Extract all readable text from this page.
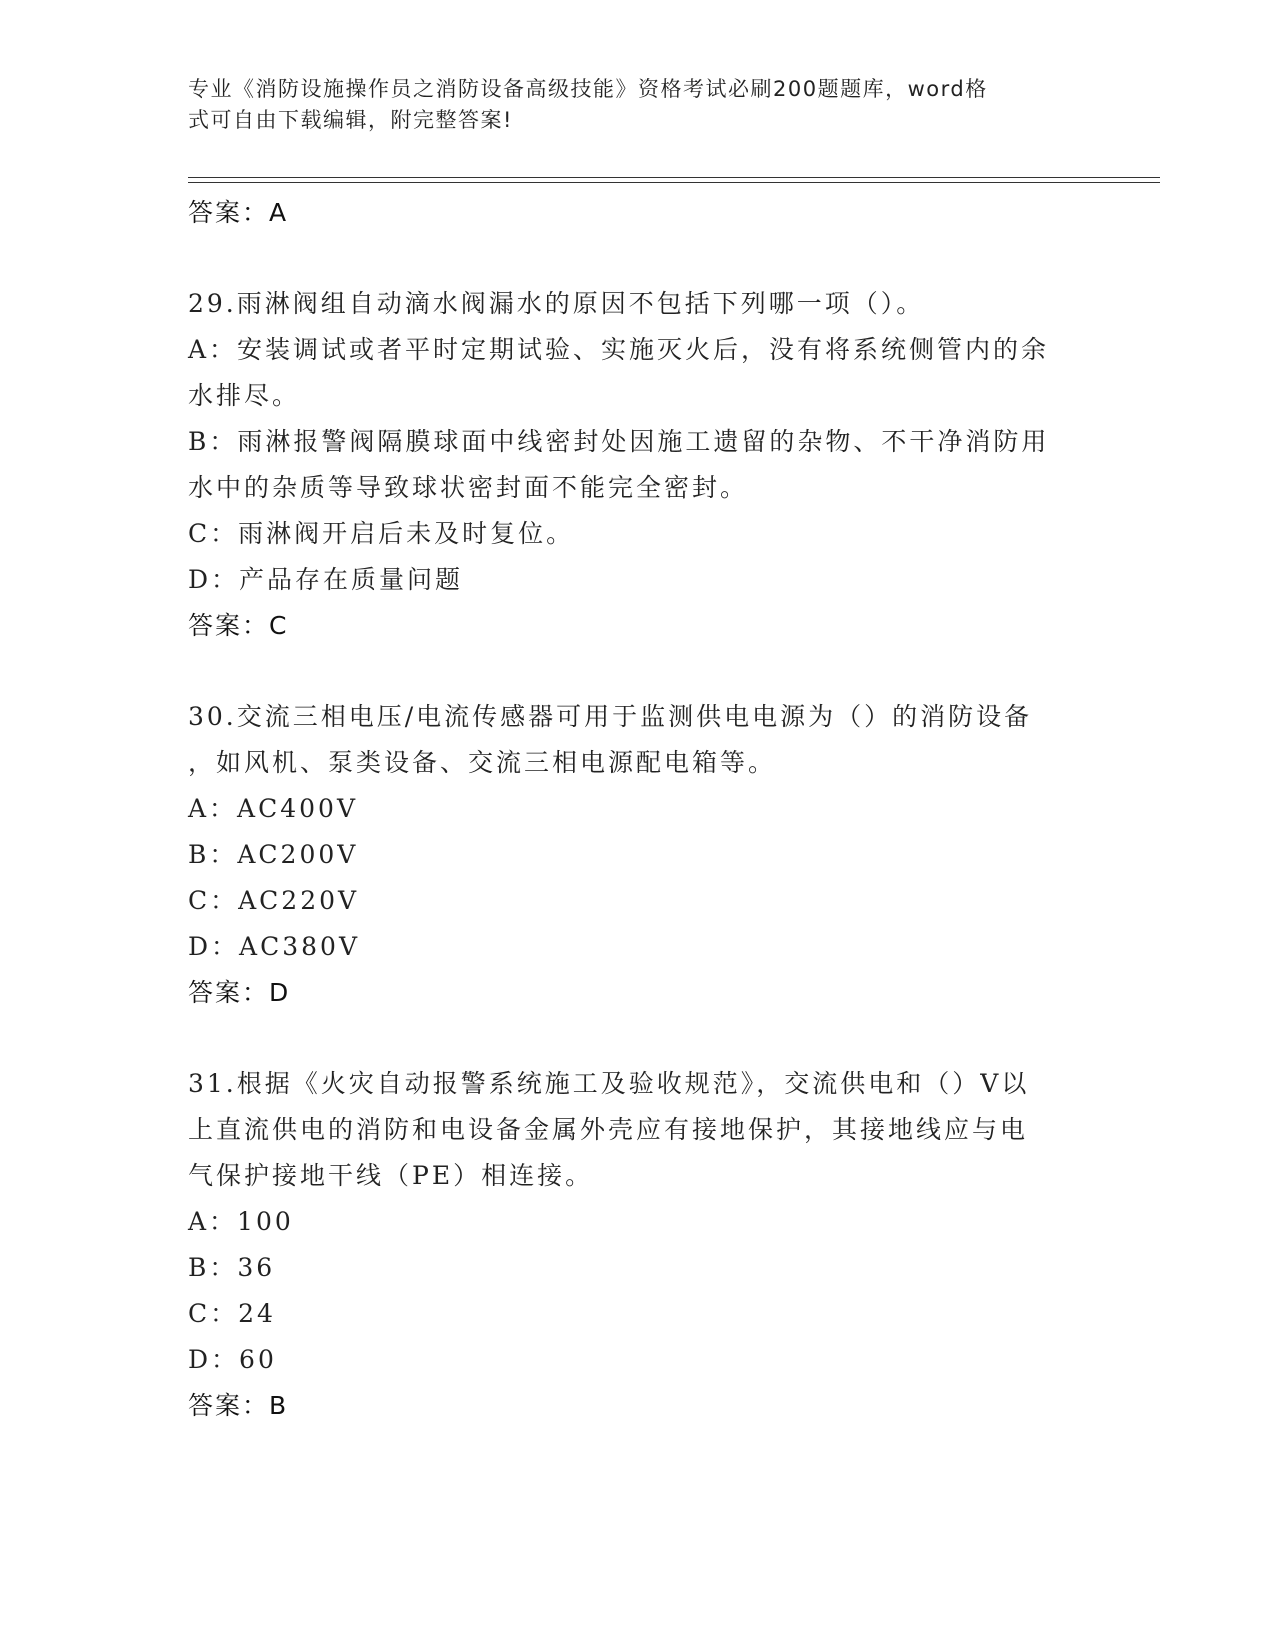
专业《消防设施操作员之消防设备高级技能》资格考试必刷200题题库，word格
式可自由下载编辑，附完整答案!
答案：A
29.雨淋阀组自动滴水阀漏水的原因不包括下列哪一项（）。
A：安装调试或者平时定期试验、实施灭火后，没有将系统侧管内的余
水排尽。
B：雨淋报警阀隔膜球面中线密封处因施工遗留的杂物、不干净消防用
水中的杂质等导致球状密封面不能完全密封。
C：雨淋阀开启后未及时复位。
D：产品存在质量问题
答案：C
30.交流三相电压/电流传感器可用于监测供电电源为（）的消防设备
，如风机、泵类设备、交流三相电源配电箱等。
A：AC400V
B：AC200V
C：AC220V
D：AC380V
答案：D
31.根据《火灾自动报警系统施工及验收规范》，交流供电和（）V以
上直流供电的消防和电设备金属外壳应有接地保护，其接地线应与电
气保护接地干线（PE）相连接。
A：100
B：36
C：24
D：60
答案：B
